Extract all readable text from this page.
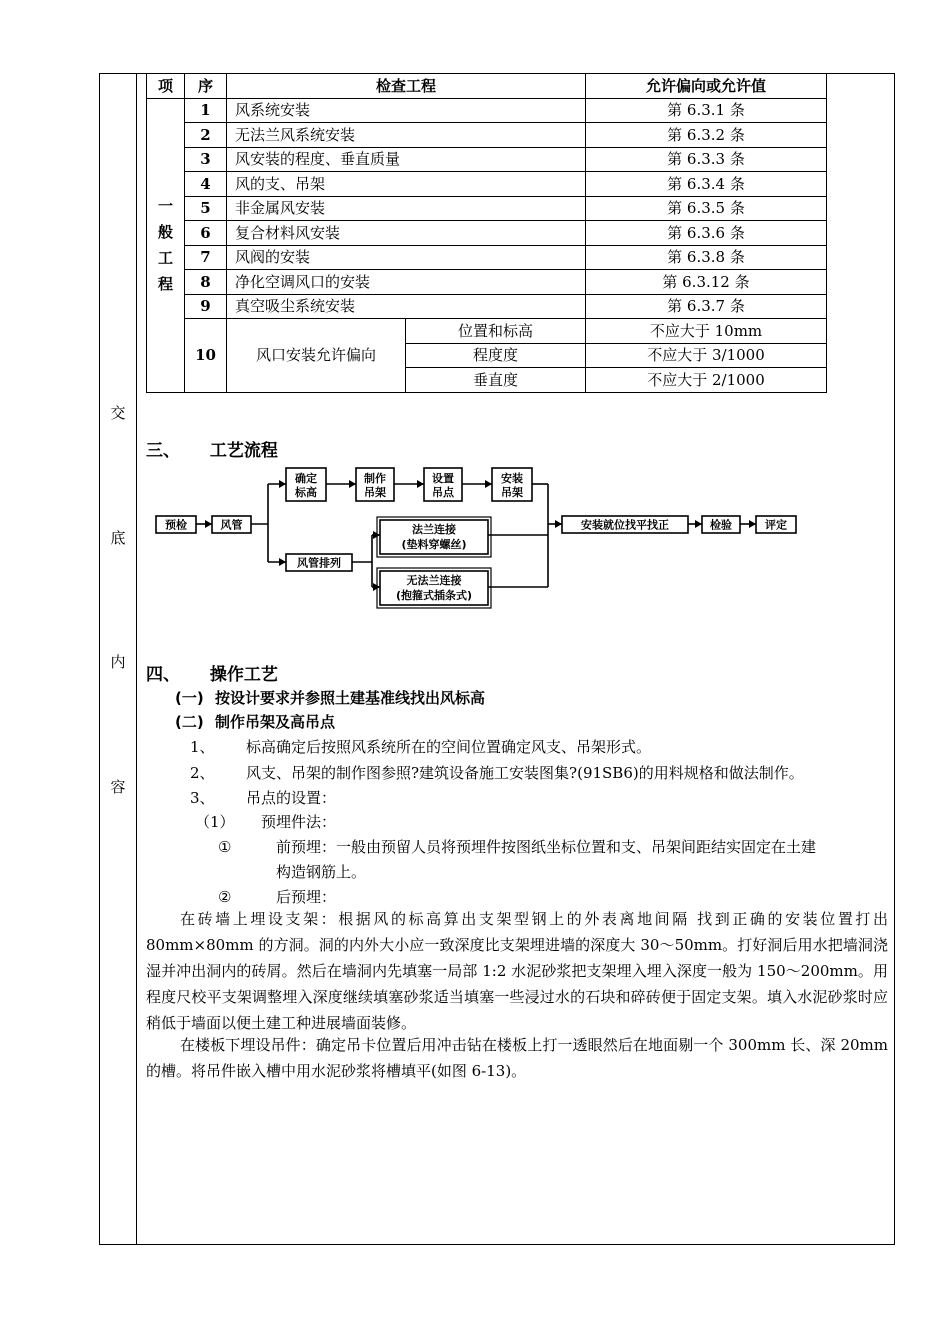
交
底
内
容
项	序	检查工程		允许偏向或允许值

一
般
工
程	1	风系统安装		第 6.3.1 条
	2	无法兰风系统安装		第 6.3.2 条
	3	风安装的程度、垂直质量		第 6.3.3 条
	4	风的支、吊架		第 6.3.4 条
	5	非金属风安装		第 6.3.5 条
	6	复合材料风安装		第 6.3.6 条
	7	风阀的安装		第 6.3.8 条
	8	净化空调风口的安装		第 6.3.12 条
	9	真空吸尘系统安装		第 6.3.7 条
	10	风口安装允许偏向	位置和标高	不应大于 10mm
			程度度	不应大于 3/1000
			垂直度	不应大于 2/1000
三、 工艺流程
预检	风管
确定
标高
制作
吊架
设置
吊点
安装
吊架
风管排列
法兰连接
(垫料穿螺丝)
无法兰连接
(抱箍式插条式)
安装就位找平找正	检验	评定
四、 操作工艺
(一) 按设计要求并参照土建基准线找出风标高
(二) 制作吊架及高吊点
1、 标高确定后按照风系统所在的空间位置确定风支、吊架形式。
2、 风支、吊架的制作图参照?建筑设备施工安装图集?(91SB6)的用料规格和做法制作。
3、 吊点的设置：
（1） 预埋件法：
①	前预埋：一般由预留人员将预埋件按图纸坐标位置和支、吊架间距结实固定在土建
构造钢筋上。
②	后预埋：
在砖墙上埋设支架：根据风的标高算出支架型钢上的外表离地间隔 找到正确的安装位置打出80mm×80mm 的方洞。洞的内外大小应一致深度比支架埋进墙的深度大 30～50mm。打好洞后用水把墙洞浇湿并冲出洞内的砖屑。然后在墙洞内先填塞一局部 1:2 水泥砂浆把支架埋入埋入深度一般为 150～200mm。用程度尺校平支架调整埋入深度继续填塞砂浆适当填塞一些浸过水的石块和碎砖便于固定支架。填入水泥砂浆时应稍低于墙面以便土建工种进展墙面装修。
在楼板下埋设吊件：确定吊卡位置后用冲击钻在楼板上打一透眼然后在地面剔一个 300mm 长、深 20mm 的槽。将吊件嵌入槽中用水泥砂浆将槽填平(如图 6-13)。
